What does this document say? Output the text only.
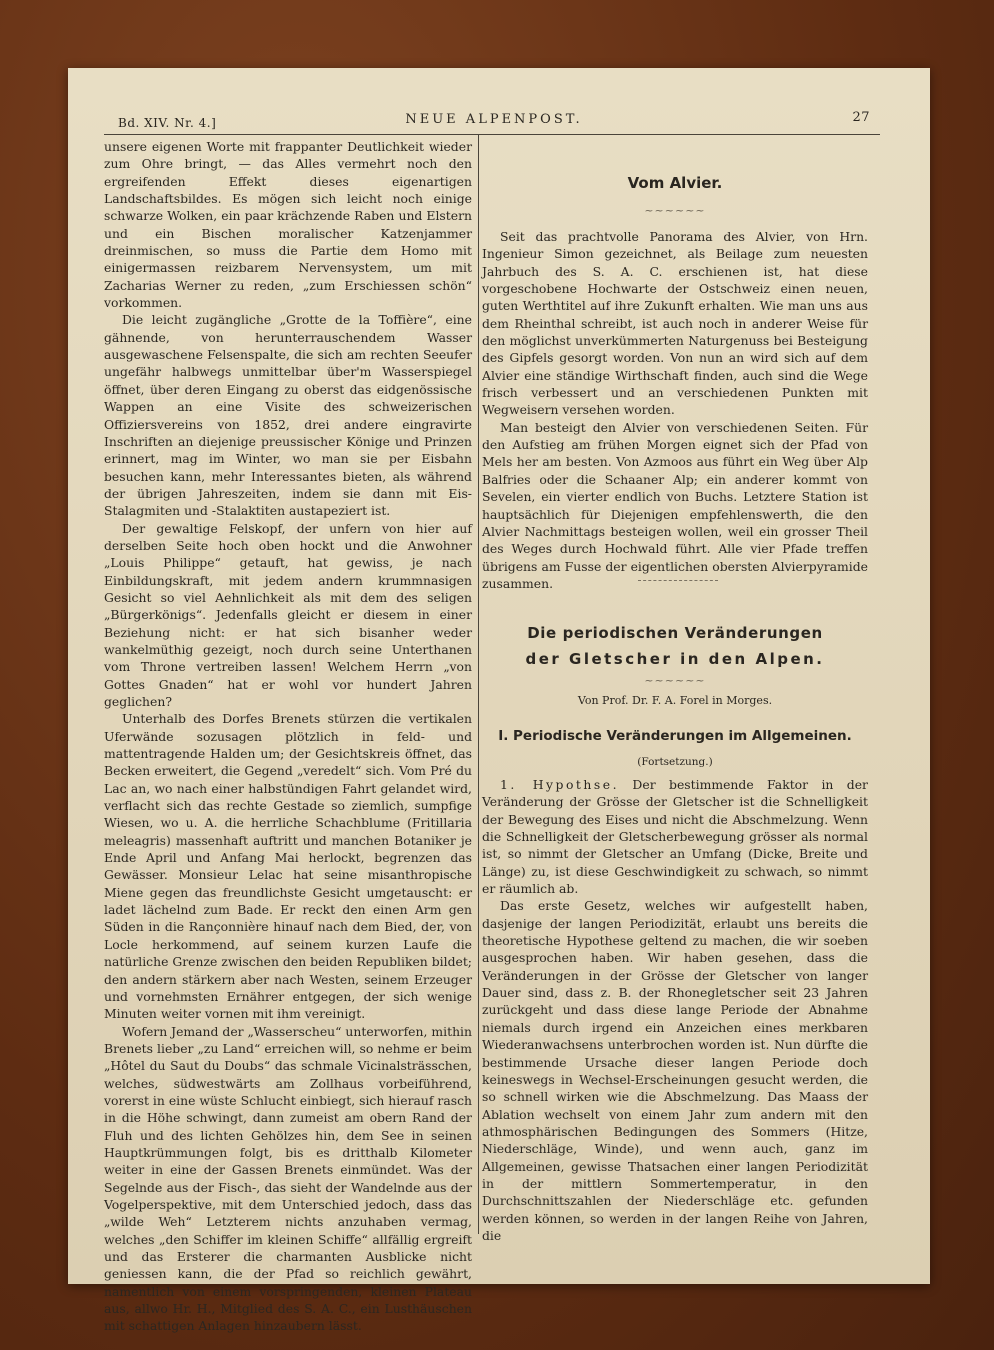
Bd. XIV. Nr. 4.]	NEUE ALPENPOST.	27

unsere eigenen Worte mit frappanter Deutlichkeit wieder zum Ohre bringt, — das Alles vermehrt noch den ergreifenden Effekt dieses eigenartigen Landschaftsbildes. Es mögen sich leicht noch einige schwarze Wolken, ein paar krächzende Raben und Elstern und ein Bischen moralischer Katzenjammer dreinmischen, so muss die Partie dem Homo mit einigermassen reizbarem Nervensystem, um mit Zacharias Werner zu reden, „zum Erschiessen schön“ vorkommen.

Die leicht zugängliche „Grotte de la Toffière“, eine gähnende, von herunterrauschendem Wasser ausgewaschene Felsenspalte, die sich am rechten Seeufer ungefähr halbwegs unmittelbar über'm Wasserspiegel öffnet, über deren Eingang zu oberst das eidgenössische Wappen an eine Visite des schweizerischen Offiziersvereins von 1852, drei andere eingravirte Inschriften an diejenige preussischer Könige und Prinzen erinnert, mag im Winter, wo man sie per Eisbahn besuchen kann, mehr Interessantes bieten, als während der übrigen Jahreszeiten, indem sie dann mit Eis-Stalagmiten und -Stalaktiten austapeziert ist.

Der gewaltige Felskopf, der unfern von hier auf derselben Seite hoch oben hockt und die Anwohner „Louis Philippe“ getauft, hat gewiss, je nach Einbildungskraft, mit jedem andern krummnasigen Gesicht so viel Aehnlichkeit als mit dem des seligen „Bürgerkönigs“. Jedenfalls gleicht er diesem in einer Beziehung nicht: er hat sich bisanher weder wankelmüthig gezeigt, noch durch seine Unterthanen vom Throne vertreiben lassen! Welchem Herrn „von Gottes Gnaden“ hat er wohl vor hundert Jahren geglichen?

Unterhalb des Dorfes Brenets stürzen die vertikalen Uferwände sozusagen plötzlich in feld- und mattentragende Halden um; der Gesichtskreis öffnet, das Becken erweitert, die Gegend „veredelt“ sich. Vom Pré du Lac an, wo nach einer halbstündigen Fahrt gelandet wird, verflacht sich das rechte Gestade so ziemlich, sumpfige Wiesen, wo u. A. die herrliche Schachblume (Fritillaria meleagris) massenhaft auftritt und manchen Botaniker je Ende April und Anfang Mai herlockt, begrenzen das Gewässer. Monsieur Lelac hat seine misanthropische Miene gegen das freundlichste Gesicht umgetauscht: er ladet lächelnd zum Bade. Er reckt den einen Arm gen Süden in die Rançonnière hinauf nach dem Bied, der, von Locle herkommend, auf seinem kurzen Laufe die natürliche Grenze zwischen den beiden Republiken bildet; den andern stärkern aber nach Westen, seinem Erzeuger und vornehmsten Ernährer entgegen, der sich wenige Minuten weiter vornen mit ihm vereinigt.

Wofern Jemand der „Wasserscheu“ unterworfen, mithin Brenets lieber „zu Land“ erreichen will, so nehme er beim „Hôtel du Saut du Doubs“ das schmale Vicinalsträsschen, welches, südwestwärts am Zollhaus vorbeiführend, vorerst in eine wüste Schlucht einbiegt, sich hierauf rasch in die Höhe schwingt, dann zumeist am obern Rand der Fluh und des lichten Gehölzes hin, dem See in seinen Hauptkrümmungen folgt, bis es dritthalb Kilometer weiter in eine der Gassen Brenets einmündet. Was der Segelnde aus der Fisch-, das sieht der Wandelnde aus der Vogelperspektive, mit dem Unterschied jedoch, dass das „wilde Weh“ Letzterem nichts anzuhaben vermag, welches „den Schiffer im kleinen Schiffe“ allfällig ergreift und das Ersterer die charmanten Ausblicke nicht geniessen kann, die der Pfad so reichlich gewährt, namentlich von einem vorspringenden, kleinen Plateau aus, allwo Hr. H., Mitglied des S. A. C., ein Lusthäuschen mit schattigen Anlagen hinzaubern lässt.

Vom Alvier.
~~~~~~

Seit das prachtvolle Panorama des Alvier, von Hrn. Ingenieur Simon gezeichnet, als Beilage zum neuesten Jahrbuch des S. A. C. erschienen ist, hat diese vorgeschobene Hochwarte der Ostschweiz einen neuen, guten Werthtitel auf ihre Zukunft erhalten. Wie man uns aus dem Rheinthal schreibt, ist auch noch in anderer Weise für den möglichst unverkümmerten Naturgenuss bei Besteigung des Gipfels gesorgt worden. Von nun an wird sich auf dem Alvier eine ständige Wirthschaft finden, auch sind die Wege frisch verbessert und an verschiedenen Punkten mit Wegweisern versehen worden.

Man besteigt den Alvier von verschiedenen Seiten. Für den Aufstieg am frühen Morgen eignet sich der Pfad von Mels her am besten. Von Azmoos aus führt ein Weg über Alp Balfries oder die Schaaner Alp; ein anderer kommt von Sevelen, ein vierter endlich von Buchs. Letztere Station ist hauptsächlich für Diejenigen empfehlenswerth, die den Alvier Nachmittags besteigen wollen, weil ein grosser Theil des Weges durch Hochwald führt. Alle vier Pfade treffen übrigens am Fusse der eigentlichen obersten Alvierpyramide zusammen.

Die periodischen Veränderungen
der Gletscher in den Alpen.
~~~~~~
Von Prof. Dr. F. A. Forel in Morges.
I. Periodische Veränderungen im Allgemeinen.
(Fortsetzung.)

1. Hypothse. Der bestimmende Faktor in der Veränderung der Grösse der Gletscher ist die Schnelligkeit der Bewegung des Eises und nicht die Abschmelzung. Wenn die Schnelligkeit der Gletscherbewegung grösser als normal ist, so nimmt der Gletscher an Umfang (Dicke, Breite und Länge) zu, ist diese Geschwindigkeit zu schwach, so nimmt er räumlich ab.

Das erste Gesetz, welches wir aufgestellt haben, dasjenige der langen Periodizität, erlaubt uns bereits die theoretische Hypothese geltend zu machen, die wir soeben ausgesprochen haben. Wir haben gesehen, dass die Veränderungen in der Grösse der Gletscher von langer Dauer sind, dass z. B. der Rhonegletscher seit 23 Jahren zurückgeht und dass diese lange Periode der Abnahme niemals durch irgend ein Anzeichen eines merkbaren Wiederanwachsens unterbrochen worden ist. Nun dürfte die bestimmende Ursache dieser langen Periode doch keineswegs in Wechsel-Erscheinungen gesucht werden, die so schnell wirken wie die Abschmelzung. Das Maass der Ablation wechselt von einem Jahr zum andern mit den athmosphärischen Bedingungen des Sommers (Hitze, Niederschläge, Winde), und wenn auch, ganz im Allgemeinen, gewisse Thatsachen einer langen Periodizität in der mittlern Sommertemperatur, in den Durchschnittszahlen der Niederschläge etc. gefunden werden können, so werden in der langen Reihe von Jahren, die
